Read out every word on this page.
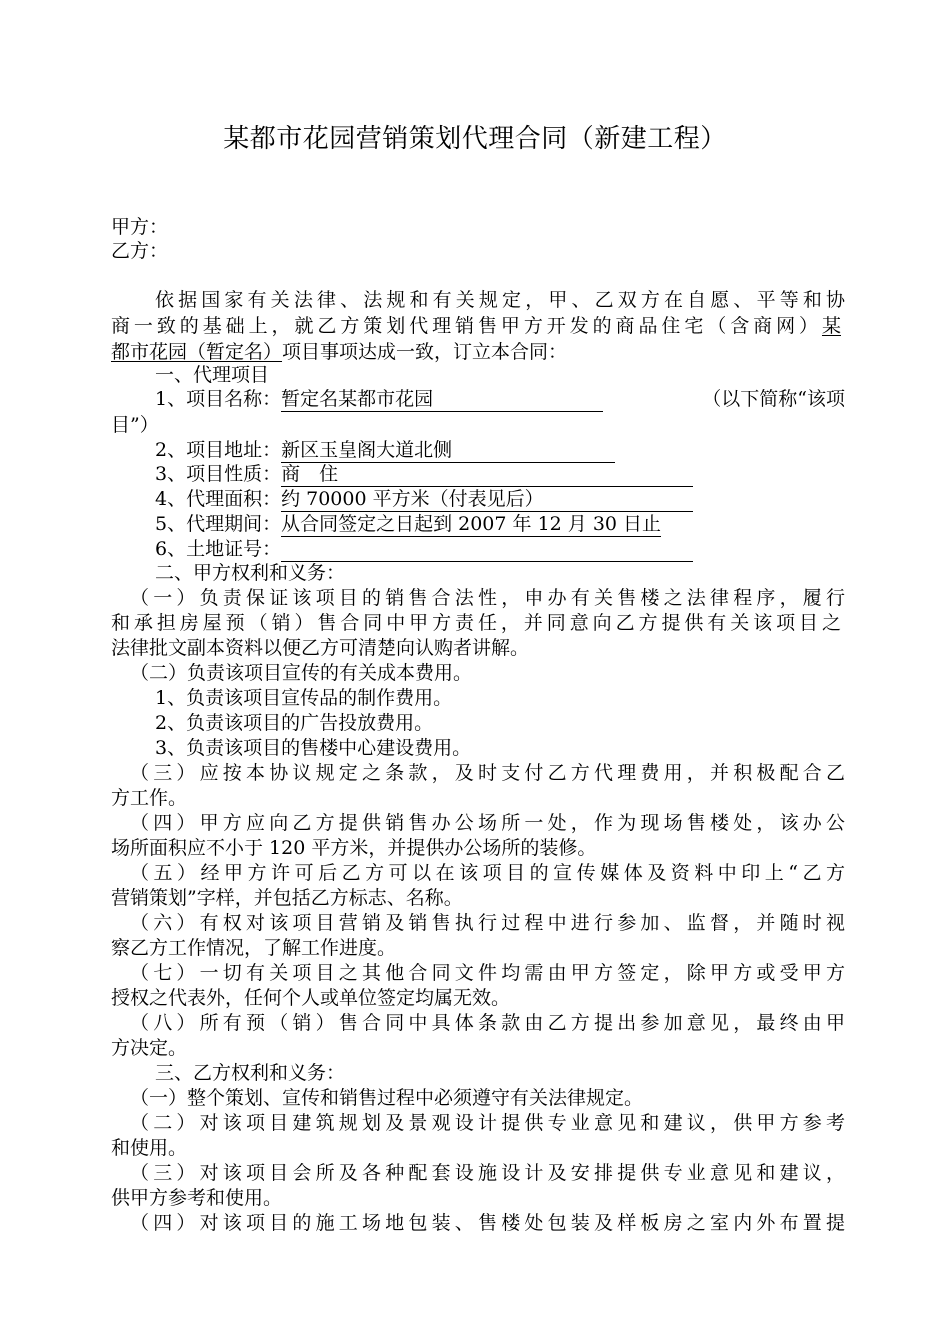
某都市花园营销策划代理合同（新建工程）
甲方：
乙方：
依据国家有关法律、法规和有关规定，甲、乙双方在自愿、平等和协
商一致的基础上，就乙方策划代理销售甲方开发的商品住宅（含商网）某
都市花园（暂定名）项目事项达成一致，订立本合同：
一、代理项目
1、项目名称：暂定名某都市花园	（以下简称“该项
目”）
2、项目地址：新区玉皇阁大道北侧
3、项目性质：商　住
4、代理面积：约 70000 平方米（付表见后）
5、代理期间：从合同签定之日起到 2007 年 12 月 30 日止
6、土地证号：
二、甲方权利和义务：
（一）负责保证该项目的销售合法性，申办有关售楼之法律程序，履行
和承担房屋预（销）售合同中甲方责任，并同意向乙方提供有关该项目之
法律批文副本资料以便乙方可清楚向认购者讲解。
（二）负责该项目宣传的有关成本费用。
1、负责该项目宣传品的制作费用。
2、负责该项目的广告投放费用。
3、负责该项目的售楼中心建设费用。
（三）应按本协议规定之条款，及时支付乙方代理费用，并积极配合乙
方工作。
（四）甲方应向乙方提供销售办公场所一处，作为现场售楼处，该办公
场所面积应不小于 120 平方米，并提供办公场所的装修。
（五）经甲方许可后乙方可以在该项目的宣传媒体及资料中印上“乙方
营销策划”字样，并包括乙方标志、名称。
（六）有权对该项目营销及销售执行过程中进行参加、监督，并随时视
察乙方工作情况，了解工作进度。
（七）一切有关项目之其他合同文件均需由甲方签定，除甲方或受甲方
授权之代表外，任何个人或单位签定均属无效。
（八）所有预（销）售合同中具体条款由乙方提出参加意见，最终由甲
方决定。
三、乙方权利和义务：
（一）整个策划、宣传和销售过程中必须遵守有关法律规定。
（二）对该项目建筑规划及景观设计提供专业意见和建议，供甲方参考
和使用。
（三）对该项目会所及各种配套设施设计及安排提供专业意见和建议，
供甲方参考和使用。
（四）对该项目的施工场地包装、售楼处包装及样板房之室内外布置提
